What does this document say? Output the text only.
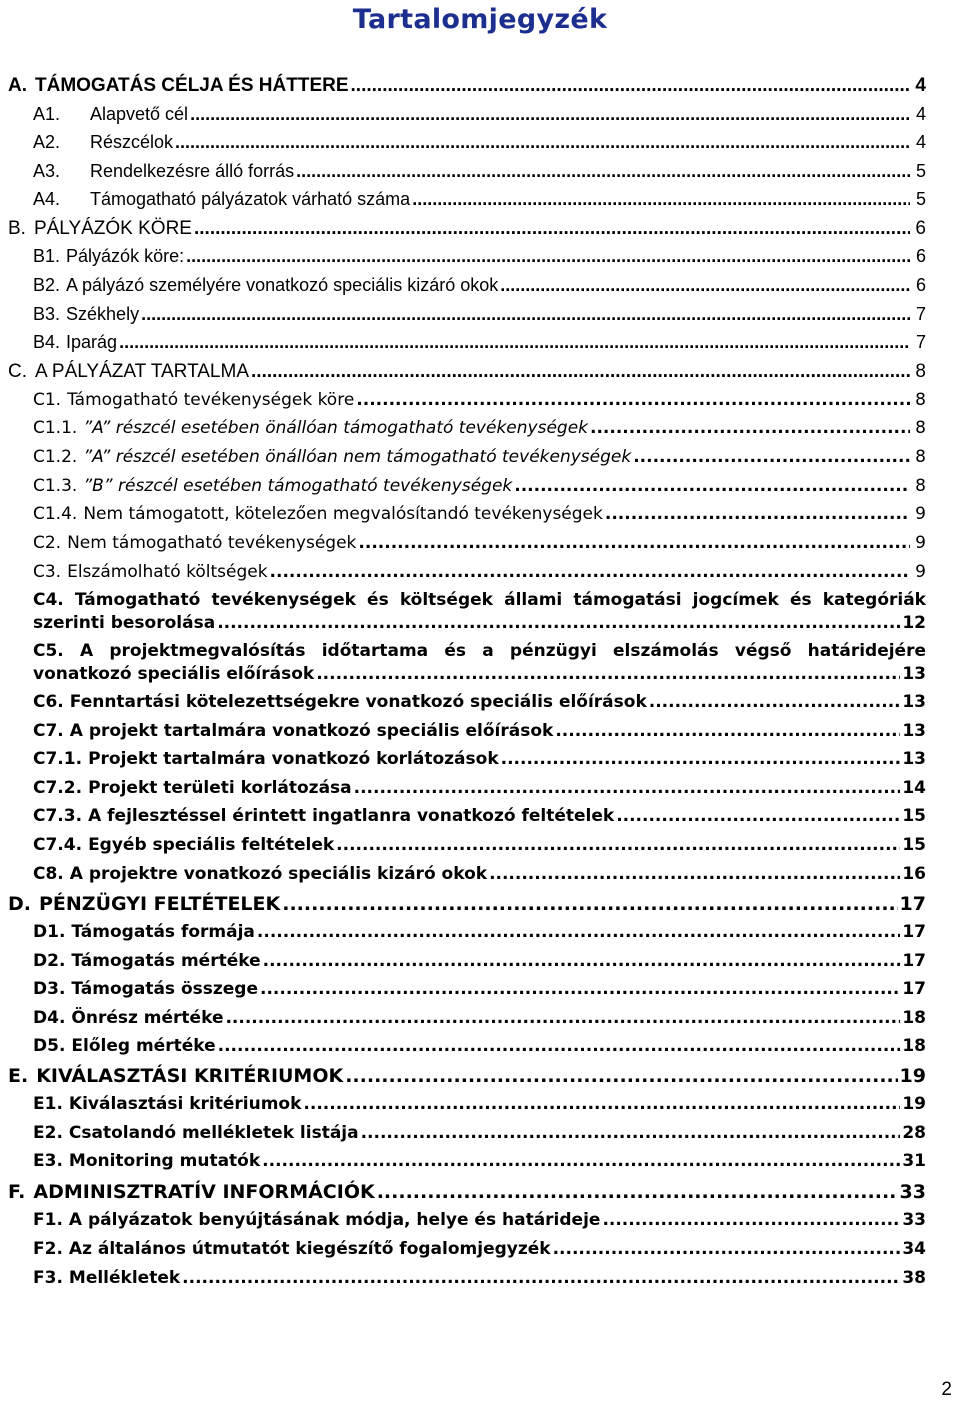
Tartalomjegyzék
A. TÁMOGATÁS CÉLJA ÉS HÁTTERE .....	4
A1.	Alapvető cél .....	4
A2.	Részcélok .....	4
A3.	Rendelkezésre álló forrás .....	5
A4.	Támogatható pályázatok várható száma .....	5
B. PÁLYÁZÓK KÖRE .....	6
B1. Pályázók köre: .....	6
B2. A pályázó személyére vonatkozó speciális kizáró okok .....	6
B3. Székhely .....	7
B4. Iparág .....	7
C. A PÁLYÁZAT TARTALMA .....	8
C1. Támogatható tevékenységek köre .....	8
C1.1. ”A” részcél esetében önállóan támogatható tevékenységek .....	8
C1.2. ”A” részcél esetében önállóan nem támogatható tevékenységek .....	8
C1.3. ”B” részcél esetében támogatható tevékenységek .....	8
C1.4. Nem támogatott, kötelezően megvalósítandó tevékenységek .....	9
C2. Nem támogatható tevékenységek .....	9
C3. Elszámolható költségek .....	9
C4. Támogatható tevékenységek és költségek állami támogatási jogcímek és kategóriák
szerinti besorolása .....	12
C5. A projektmegvalósítás időtartama és a pénzügyi elszámolás végső határidejére
vonatkozó speciális előírások .....	13
C6. Fenntartási kötelezettségekre vonatkozó speciális előírások .....	13
C7. A projekt tartalmára vonatkozó speciális előírások .....	13
C7.1. Projekt tartalmára vonatkozó korlátozások .....	13
C7.2. Projekt területi korlátozása .....	14
C7.3. A fejlesztéssel érintett ingatlanra vonatkozó feltételek .....	15
C7.4. Egyéb speciális feltételek .....	15
C8. A projektre vonatkozó speciális kizáró okok .....	16
D. PÉNZÜGYI FELTÉTELEK .....	17
D1. Támogatás formája .....	17
D2. Támogatás mértéke .....	17
D3. Támogatás összege .....	17
D4. Önrész mértéke .....	18
D5. Előleg mértéke .....	18
E. KIVÁLASZTÁSI KRITÉRIUMOK .....	19
E1. Kiválasztási kritériumok .....	19
E2. Csatolandó mellékletek listája .....	28
E3. Monitoring mutatók .....	31
F. ADMINISZTRATÍV INFORMÁCIÓK .....	33
F1. A pályázatok benyújtásának módja, helye és határideje .....	33
F2. Az általános útmutatót kiegészítő fogalomjegyzék .....	34
F3. Mellékletek .....	38
2
